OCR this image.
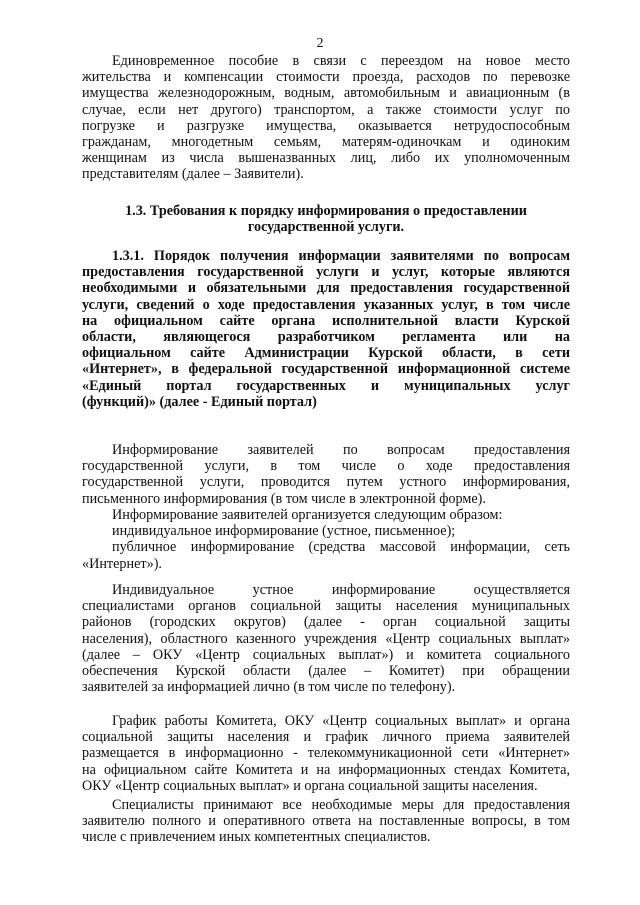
2
Единовременное пособие в связи с переездом на новое место
жительства и компенсации стоимости проезда, расходов по перевозке
имущества железнодорожным, водным, автомобильным и авиационным (в
случае, если нет другого) транспортом, а также стоимости услуг по
погрузке и разгрузке имущества, оказывается нетрудоспособным
гражданам, многодетным семьям, матерям-одиночкам и одиноким
женщинам из числа вышеназванных лиц, либо их уполномоченным
представителям (далее – Заявители).
1.3. Требования к порядку информирования о предоставлении
государственной услуги.
1.3.1. Порядок получения информации заявителями по вопросам
предоставления государственной услуги и услуг, которые являются
необходимыми и обязательными для предоставления государственной
услуги, сведений о ходе предоставления указанных услуг, в том числе
на официальном сайте органа исполнительной власти Курской
области, являющегося разработчиком регламента или на
официальном сайте Администрации Курской области, в сети
«Интернет», в федеральной государственной информационной системе
«Единый портал государственных и муниципальных услуг
(функций)» (далее - Единый портал)
Информирование заявителей по вопросам предоставления
государственной услуги, в том числе о ходе предоставления
государственной услуги, проводится путем устного информирования,
письменного информирования (в том числе в электронной форме).
Информирование заявителей организуется следующим образом:
индивидуальное информирование (устное, письменное);
публичное информирование (средства массовой информации, сеть
«Интернет»).
Индивидуальное устное информирование осуществляется
специалистами органов социальной защиты населения муниципальных
районов (городских округов) (далее - орган социальной защиты
населения), областного казенного учреждения «Центр социальных выплат»
(далее – ОКУ «Центр социальных выплат») и комитета социального
обеспечения Курской области (далее – Комитет) при обращении
заявителей за информацией лично (в том числе по телефону).
График работы Комитета, ОКУ «Центр социальных выплат» и органа
социальной защиты населения и график личного приема заявителей
размещается в информационно - телекоммуникационной сети «Интернет»
на официальном сайте Комитета и на информационных стендах Комитета,
ОКУ «Центр социальных выплат» и органа социальной защиты населения.
Специалисты принимают все необходимые меры для предоставления
заявителю полного и оперативного ответа на поставленные вопросы, в том
числе с привлечением иных компетентных специалистов.
